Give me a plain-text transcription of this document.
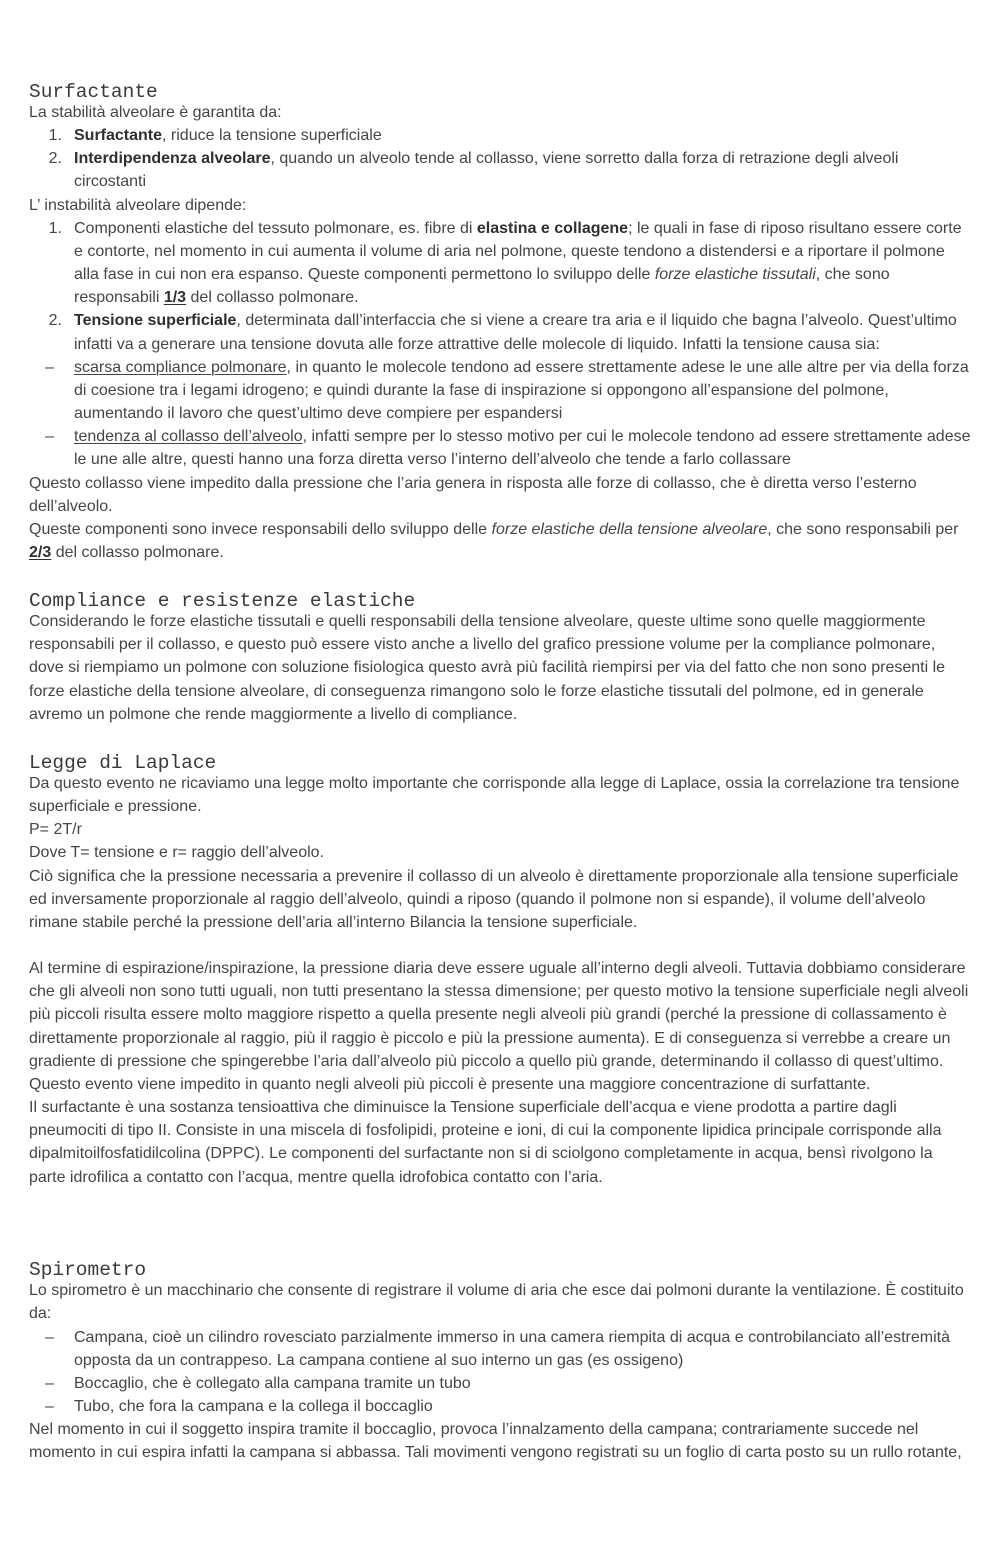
Surfactante

La stabilità alveolare è garantita da:

1. Surfactante, riduce la tensione superficiale
2. Interdipendenza alveolare, quando un alveolo tende al collasso, viene sorretto dalla forza di retrazione degli alveoli circostanti

L’ instabilità alveolare dipende:

1. Componenti elastiche del tessuto polmonare, es. fibre di elastina e collagene; le quali in fase di riposo risultano essere corte e contorte, nel momento in cui aumenta il volume di aria nel polmone, queste tendono a distendersi e a riportare il polmone alla fase in cui non era espanso. Queste componenti permettono lo sviluppo delle forze elastiche tissutali, che sono responsabili 1/3 del collasso polmonare.
2. Tensione superficiale, determinata dall’interfaccia che si viene a creare tra aria e il liquido che bagna l’alveolo. Quest’ultimo infatti va a generare una tensione dovuta alle forze attrattive delle molecole di liquido. Infatti la tensione causa sia:
–	scarsa compliance polmonare, in quanto le molecole tendono ad essere strettamente adese le une alle altre per via della forza di coesione tra i legami idrogeno; e quindi durante la fase di inspirazione si oppongono all’espansione del polmone, aumentando il lavoro che quest’ultimo deve compiere per espandersi
–	tendenza al collasso dell’alveolo, infatti sempre per lo stesso motivo per cui le molecole tendono ad essere strettamente adese le une alle altre, questi hanno una forza diretta verso l’interno dell’alveolo che tende a farlo collassare

Questo collasso viene impedito dalla pressione che l’aria genera in risposta alle forze di collasso, che è diretta verso l’esterno dell’alveolo.

Queste componenti sono invece responsabili dello sviluppo delle forze elastiche della tensione alveolare, che sono responsabili per 2/3 del collasso polmonare.

Compliance e resistenze elastiche

Considerando le forze elastiche tissutali e quelli responsabili della tensione alveolare, queste ultime sono quelle maggiormente responsabili per il collasso, e questo può essere visto anche a livello del grafico pressione volume per la compliance polmonare, dove si riempiamo un polmone con soluzione fisiologica questo avrà più facilità riempirsi per via del fatto che non sono presenti le forze elastiche della tensione alveolare, di conseguenza rimangono solo le forze elastiche tissutali del polmone, ed in generale avremo un polmone che rende maggiormente a livello di compliance.

Legge di Laplace

Da questo evento ne ricaviamo una legge molto importante che corrisponde alla legge di Laplace, ossia la correlazione tra tensione superficiale e pressione.

P= 2T/r

Dove T= tensione e r= raggio dell’alveolo.

Ciò significa che la pressione necessaria a prevenire il collasso di un alveolo è direttamente proporzionale alla tensione superficiale ed inversamente proporzionale al raggio dell’alveolo, quindi a riposo (quando il polmone non si espande), il volume dell’alveolo rimane stabile perché la pressione dell’aria all’interno Bilancia la tensione superficiale.

Al termine di espirazione/inspirazione, la pressione diaria deve essere uguale all’interno degli alveoli. Tuttavia dobbiamo considerare che gli alveoli non sono tutti uguali, non tutti presentano la stessa dimensione; per questo motivo la tensione superficiale negli alveoli più piccoli risulta essere molto maggiore rispetto a quella presente negli alveoli più grandi (perché la pressione di collassamento è direttamente proporzionale al raggio, più il raggio è piccolo e più la pressione aumenta). E di conseguenza si verrebbe a creare un gradiente di pressione che spingerebbe l’aria dall’alveolo più piccolo a quello più grande, determinando il collasso di quest’ultimo. Questo evento viene impedito in quanto negli alveoli più piccoli è presente una maggiore concentrazione di surfattante.

Il surfactante è una sostanza tensioattiva che diminuisce la Tensione superficiale dell’acqua e viene prodotta a partire dagli pneumociti di tipo II. Consiste in una miscela di fosfolipidi, proteine e ioni, di cui la componente lipidica principale corrisponde alla dipalmitoilfosfatidilcolina (DPPC). Le componenti del surfactante non si di sciolgono completamente in acqua, bensì rivolgono la parte idrofilica a contatto con l’acqua, mentre quella idrofobica contatto con l’aria.

Spirometro

Lo spirometro è un macchinario che consente di registrare il volume di aria che esce dai polmoni durante la ventilazione. È costituito da:

–	Campana, cioè un cilindro rovesciato parzialmente immerso in una camera riempita di acqua e controbilanciato all’estremità opposta da un contrappeso. La campana contiene al suo interno un gas (es ossigeno)
–	Boccaglio, che è collegato alla campana tramite un tubo
–	Tubo, che fora la campana e la collega il boccaglio

Nel momento in cui il soggetto inspira tramite il boccaglio, provoca l’innalzamento della campana; contrariamente succede nel momento in cui espira infatti la campana si abbassa. Tali movimenti vengono registrati su un foglio di carta posto su un rullo rotante,
